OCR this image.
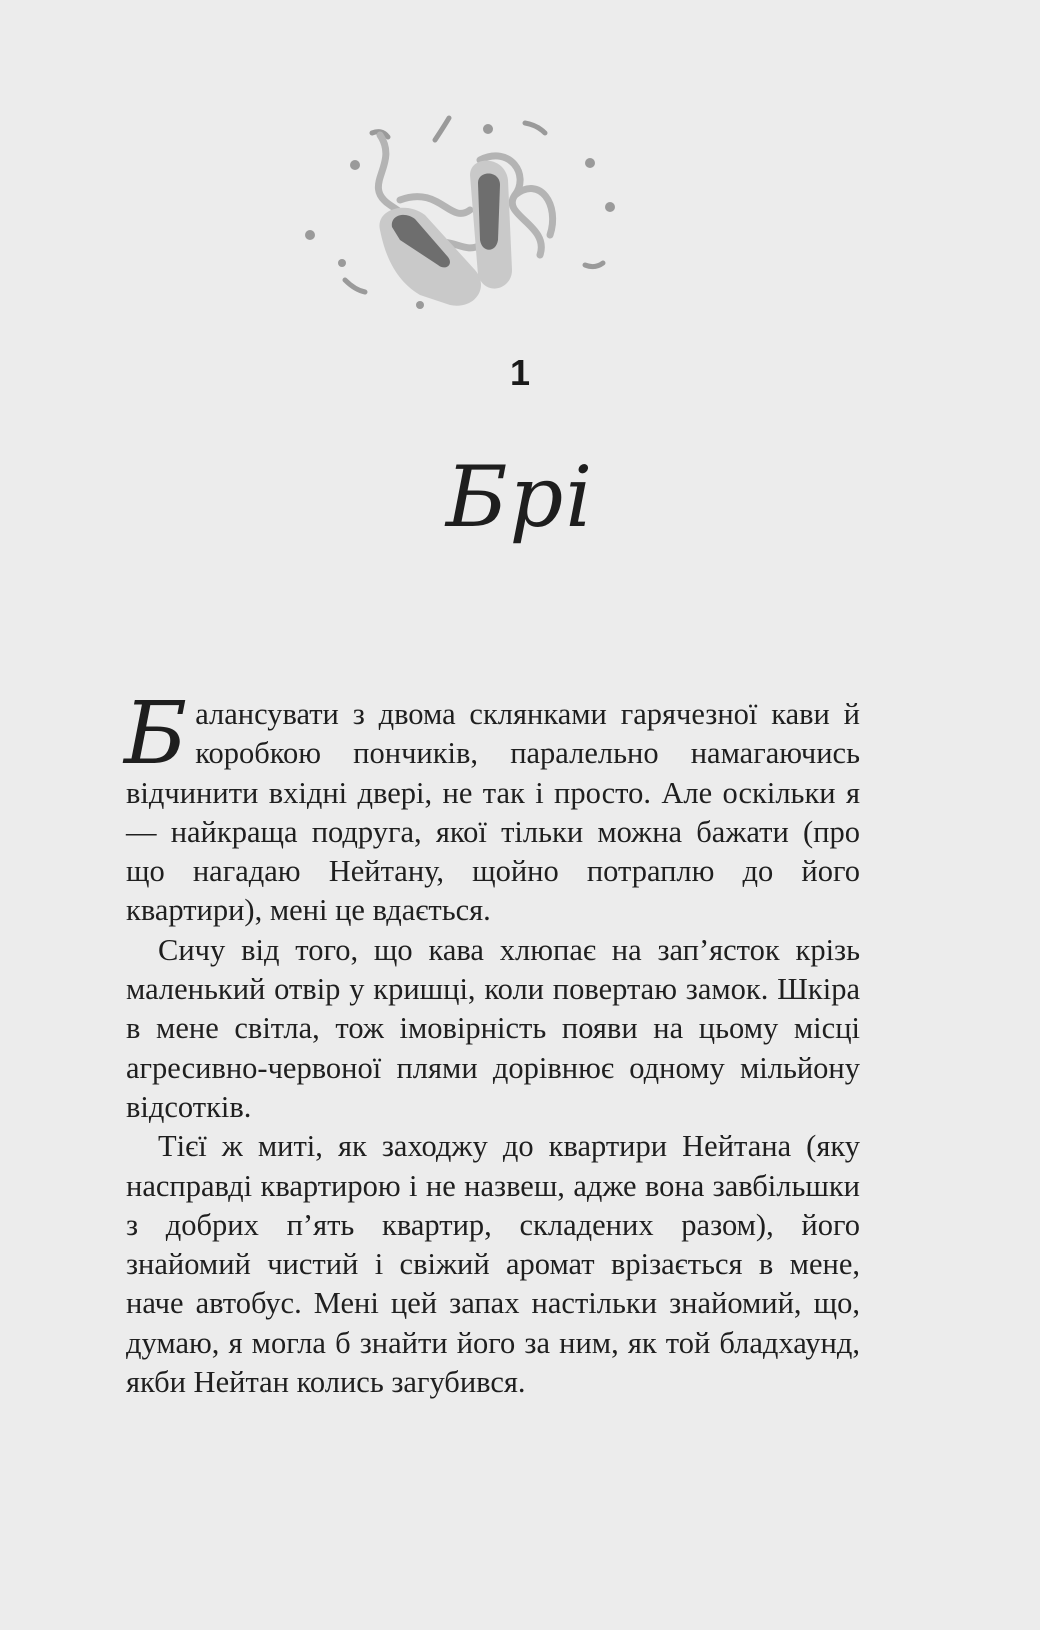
1
Брі

Балансувати з двома склянками гарячезної кави й коробкою пончиків, паралельно намагаючись відчинити вхідні двері, не так і просто. Але оскільки я — найкраща подруга, якої тільки можна бажати (про що нагадаю Нейтану, щойно потраплю до його квартири), мені це вдається.

Сичу від того, що кава хлюпає на зап’ясток крізь маленький отвір у кришці, коли повертаю замок. Шкіра в мене світла, тож імовірність появи на цьому місці агресивно-червоної плями дорівнює одному мільйону відсотків.

Тієї ж миті, як заходжу до квартири Нейтана (яку насправді квартирою і не назвеш, адже вона завбільшки з добрих п’ять квартир, складених разом), його знайомий чистий і свіжий аромат врізається в мене, наче автобус. Мені цей запах настільки знайомий, що, думаю, я могла б знайти його за ним, як той бладхаунд, якби Нейтан колись загубився.
